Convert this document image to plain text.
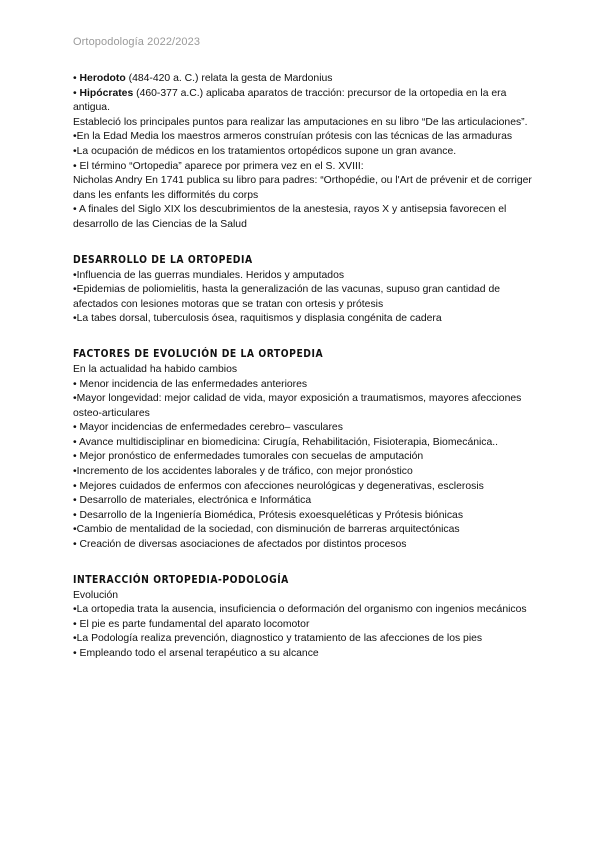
Ortopodología 2022/2023

• Herodoto (484-420 a. C.) relata la gesta de Mardonius

• Hipócrates (460-377 a.C.) aplicaba aparatos de tracción: precursor de la ortopedia en la era antigua.

Estableció los principales puntos para realizar las amputaciones en su libro “De las articulaciones”.

•En la Edad Media los maestros armeros construían prótesis con las técnicas de las armaduras

•La ocupación de médicos en los tratamientos ortopédicos supone un gran avance.

• El término “Ortopedia” aparece por primera vez en el S. XVIII:

Nicholas Andry En 1741 publica su libro para padres: “Orthopédie, ou l'Art de prévenir et de corriger dans les enfants les difformités du corps

• A finales del Siglo XIX los descubrimientos de la anestesia, rayos X y antisepsia favorecen el desarrollo de las Ciencias de la Salud

DESARROLLO DE LA ORTOPEDIA

•Influencia de las guerras mundiales. Heridos y amputados

•Epidemias de poliomielitis, hasta la generalización de las vacunas, supuso gran cantidad de afectados con lesiones motoras que se tratan con ortesis y prótesis

•La tabes dorsal, tuberculosis ósea, raquitismos y displasia congénita de cadera

FACTORES DE EVOLUCIÓN DE LA ORTOPEDIA

En la actualidad ha habido cambios

• Menor incidencia de las enfermedades anteriores

•Mayor longevidad: mejor calidad de vida, mayor exposición a traumatismos, mayores afecciones osteo-articulares

• Mayor incidencias de enfermedades cerebro– vasculares

• Avance multidisciplinar en biomedicina: Cirugía, Rehabilitación, Fisioterapia, Biomecánica..

• Mejor pronóstico de enfermedades tumorales con secuelas de amputación

•Incremento de los accidentes laborales y de tráfico, con mejor pronóstico

• Mejores cuidados de enfermos con afecciones neurológicas y degenerativas, esclerosis

• Desarrollo de materiales, electrónica e Informática

• Desarrollo de la Ingeniería Biomédica, Prótesis exoesqueléticas y Prótesis biónicas

•Cambio de mentalidad de la sociedad, con disminución de barreras arquitectónicas

• Creación de diversas asociaciones de afectados por distintos procesos

INTERACCIÓN ORTOPEDIA-PODOLOGÍA

Evolución

•La ortopedia trata la ausencia, insuficiencia o deformación del organismo con ingenios mecánicos

• El pie es parte fundamental del aparato locomotor

•La Podología realiza prevención, diagnostico y tratamiento de las afecciones de los pies

• Empleando todo el arsenal terapéutico a su alcance
